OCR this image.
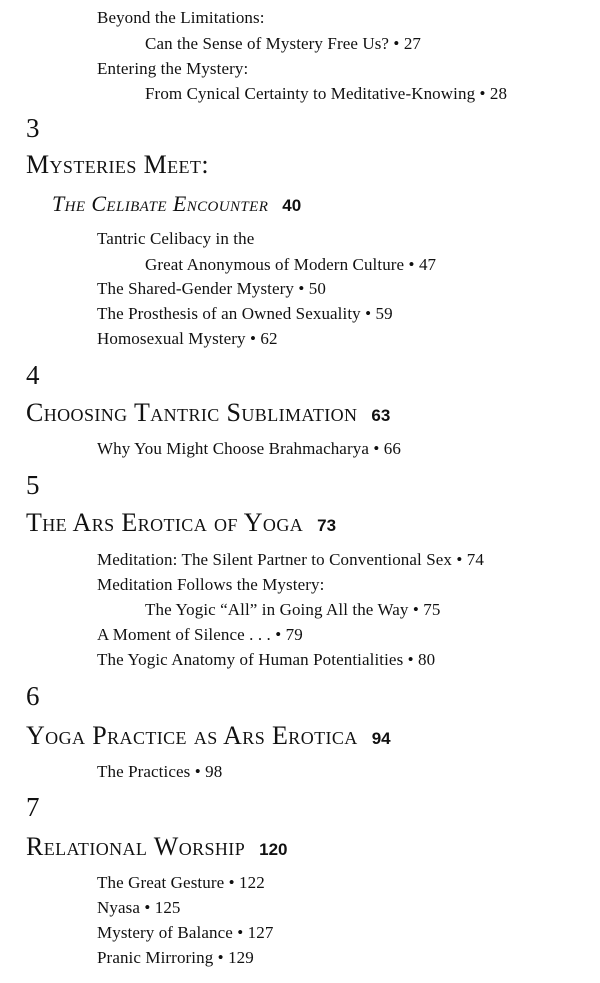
Beyond the Limitations:
Can the Sense of Mystery Free Us? • 27
Entering the Mystery:
From Cynical Certainty to Meditative-Knowing • 28
3
Mysteries Meet:
The Celibate Encounter 40
Tantric Celibacy in the
Great Anonymous of Modern Culture • 47
The Shared-Gender Mystery • 50
The Prosthesis of an Owned Sexuality • 59
Homosexual Mystery • 62
4
Choosing Tantric Sublimation 63
Why You Might Choose Brahmacharya • 66
5
The Ars Erotica of Yoga 73
Meditation: The Silent Partner to Conventional Sex • 74
Meditation Follows the Mystery:
The Yogic “All” in Going All the Way • 75
A Moment of Silence . . . • 79
The Yogic Anatomy of Human Potentialities • 80
6
Yoga Practice as Ars Erotica 94
The Practices • 98
7
Relational Worship 120
The Great Gesture • 122
Nyasa • 125
Mystery of Balance • 127
Pranic Mirroring • 129
